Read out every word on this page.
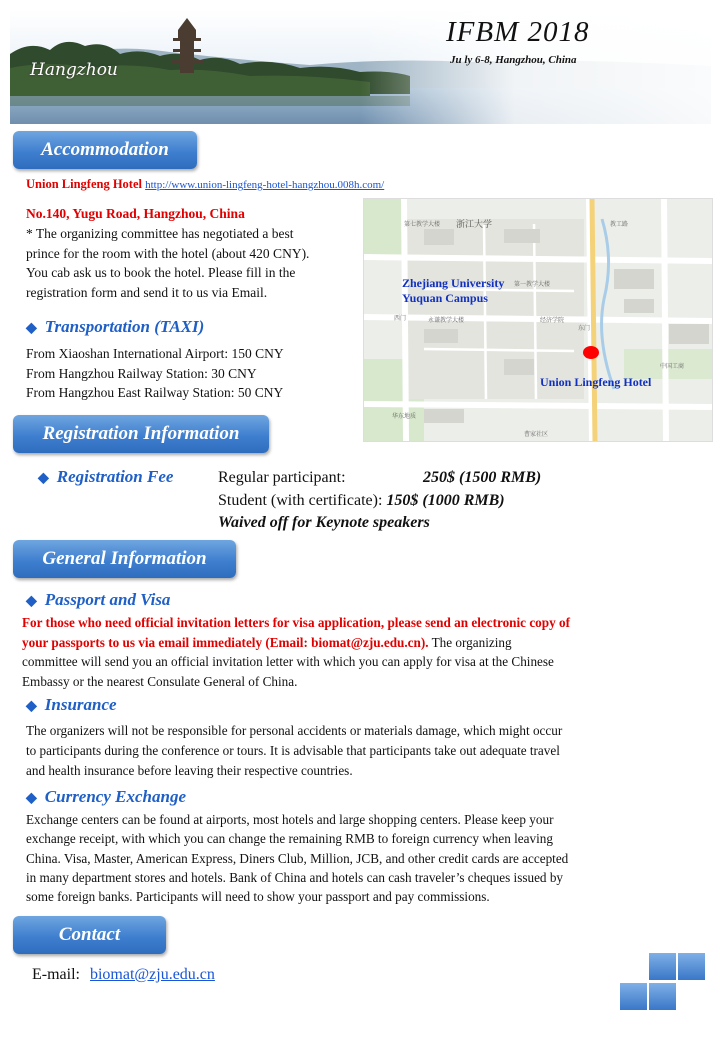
Hangzhou
IFBM 2018
Ju ly 6-8, Hangzhou, China
Accommodation
Union Lingfeng Hotel http://www.union-lingfeng-hotel-hangzhou.008h.com/
No.140, Yugu Road, Hangzhou, China
* The organizing committee has negotiated a best
prince for the room with the hotel (about 420 CNY).
You cab ask us to book the hotel. Please fill in the
registration form and send it to us via Email.
◆ Transportation (TAXI)
From Xiaoshan International Airport: 150 CNY
From Hangzhou Railway Station: 30 CNY
From Hangzhou East Railway Station: 50 CNY
浙江大学
第七教学大楼
第一教学大楼
西门	永谦教学大楼	经济学院
东门
中国工商
教工路
华东地质
曹家社区
Zhejiang University
Yuquan Campus
Union Lingfeng Hotel
Registration Information
◆ Registration Fee	Regular participant:	250$ (1500 RMB)
Student (with certificate): 150$ (1000 RMB)
Waived off for Keynote speakers
General Information
◆ Passport and Visa
For those who need official invitation letters for visa application, please send an electronic copy of
your passports to us via email immediately (Email: biomat@zju.edu.cn). The organizing
committee will send you an official invitation letter with which you can apply for visa at the Chinese
Embassy or the nearest Consulate General of China.
◆ Insurance
The organizers will not be responsible for personal accidents or materials damage, which might occur
to participants during the conference or tours. It is advisable that participants take out adequate travel
and health insurance before leaving their respective countries.
◆ Currency Exchange
Exchange centers can be found at airports, most hotels and large shopping centers. Please keep your
exchange receipt, with which you can change the remaining RMB to foreign currency when leaving
China. Visa, Master, American Express, Diners Club, Million, JCB, and other credit cards are accepted
in many department stores and hotels. Bank of China and hotels can cash traveler’s cheques issued by
some foreign banks. Participants will need to show your passport and pay commissions.
Contact
E-mail: biomat@zju.edu.cn
